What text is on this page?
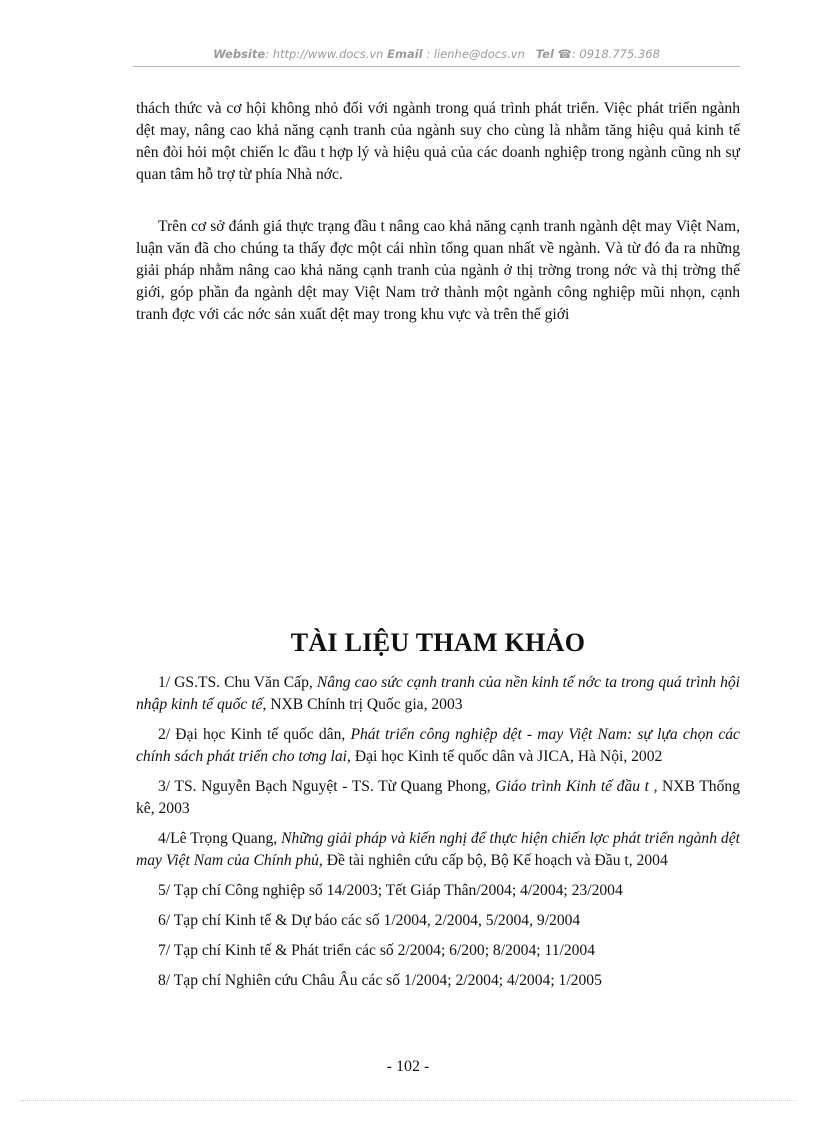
Website: http://www.docs.vn Email : lienhe@docs.vn Tel ☎: 0918.775.368

thách thức và cơ hội không nhỏ đối với ngành trong quá trình phát triển. Việc phát triển ngành dệt may, nâng cao khả năng cạnh tranh của ngành suy cho cùng là nhằm tăng hiệu quả kinh tế nên đòi hỏi một chiến lc đầu t hợp lý và hiệu quả của các doanh nghiệp trong ngành cũng nh sự quan tâm hỗ trợ từ phía Nhà nớc.

Trên cơ sở đánh giá thực trạng đầu t nâng cao khả năng cạnh tranh ngành dệt may Việt Nam, luận văn đã cho chúng ta thấy đợc một cái nhìn tổng quan nhất về ngành. Và từ đó đa ra những giải pháp nhằm nâng cao khả năng cạnh tranh của ngành ở thị trờng trong nớc và thị trờng thế giới, góp phần đa ngành dệt may Việt Nam trở thành một ngành công nghiệp mũi nhọn, cạnh tranh đợc với các nớc sản xuất dệt may trong khu vực và trên thế giới

TÀI LIỆU THAM KHẢO

1/ GS.TS. Chu Văn Cấp, Nâng cao sức cạnh tranh của nền kinh tế nớc ta trong quá trình hội nhập kinh tế quốc tế, NXB Chính trị Quốc gia, 2003

2/ Đại học Kinh tế quốc dân, Phát triển công nghiệp dệt - may Việt Nam: sự lựa chọn các chính sách phát triển cho tơng lai, Đại học Kinh tế quốc dân và JICA, Hà Nội, 2002

3/ TS. Nguyễn Bạch Nguyệt - TS. Từ Quang Phong, Giáo trình Kinh tế đầu t , NXB Thống kê, 2003

4/Lê Trọng Quang, Những giải pháp và kiến nghị để thực hiện chiến lợc phát triển ngành dệt may Việt Nam của Chính phủ, Đề tài nghiên cứu cấp bộ, Bộ Kế hoạch và Đầu t, 2004

5/ Tạp chí Công nghiệp số 14/2003; Tết Giáp Thân/2004; 4/2004; 23/2004

6/ Tạp chí Kinh tế & Dự báo các số 1/2004, 2/2004, 5/2004, 9/2004

7/ Tạp chí Kinh tế & Phát triển các số 2/2004; 6/200; 8/2004; 11/2004

8/ Tạp chí Nghiên cứu Châu Âu các số 1/2004; 2/2004; 4/2004; 1/2005

- 102 -
